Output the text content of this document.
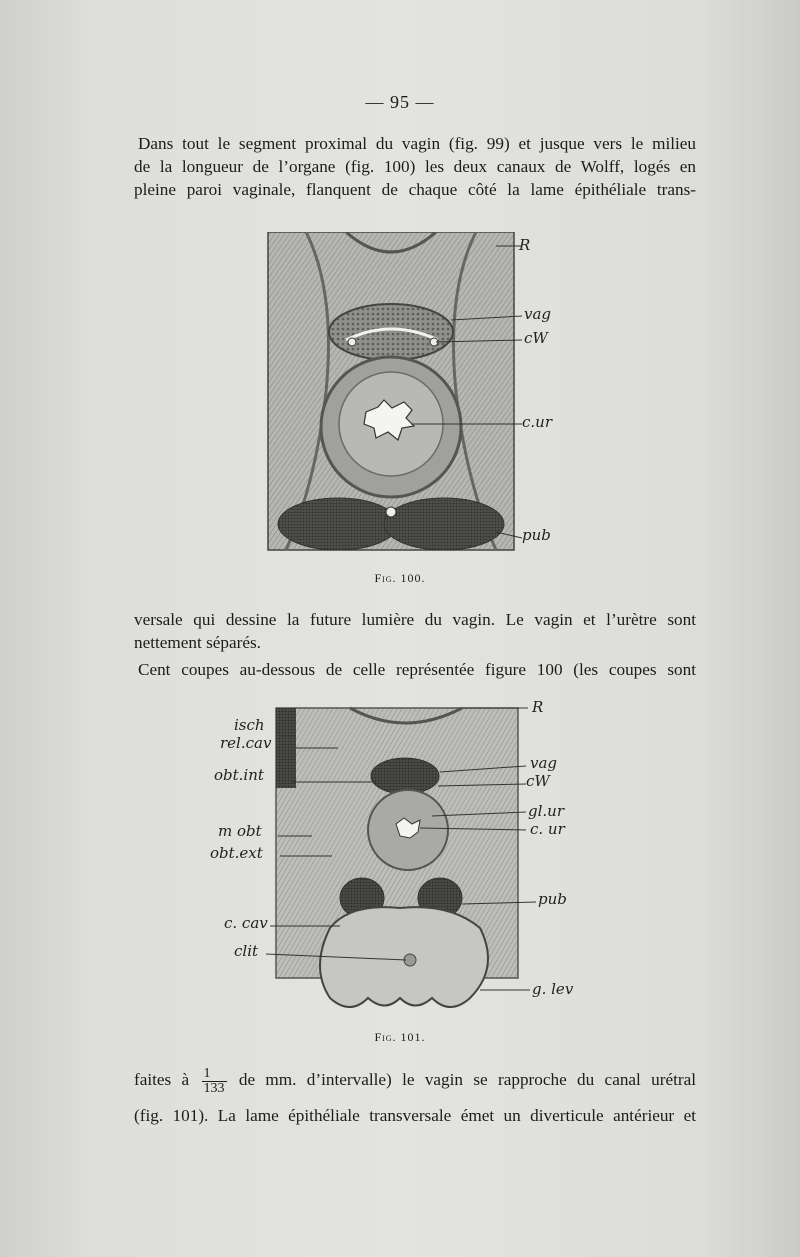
— 95 —

Dans tout le segment proximal du vagin (fig. 99) et jusque vers le milieu
de la longueur de l’organe (fig. 100) les deux canaux de Wolff, logés en
pleine paroi vaginale, flanquent de chaque côté la lame épithéliale trans-

R
vag
cW
c.ur
pub
Fig. 100.

versale qui dessine la future lumière du vagin. Le vagin et l’urètre sont
nettement séparés.

Cent coupes au-dessous de celle représentée figure 100 (les coupes sont

isch
rel.cav
obt.int
m obt
obt.ext
c. cav
clit
R
vag
cW
gl.ur
c. ur
pub
g. lev
Fig. 101.

faites à $\frac{1}{133}$ de mm. d’intervalle) le vagin se rapproche du canal urétral

(fig. 101). La lame épithéliale transversale émet un diverticule antérieur et
